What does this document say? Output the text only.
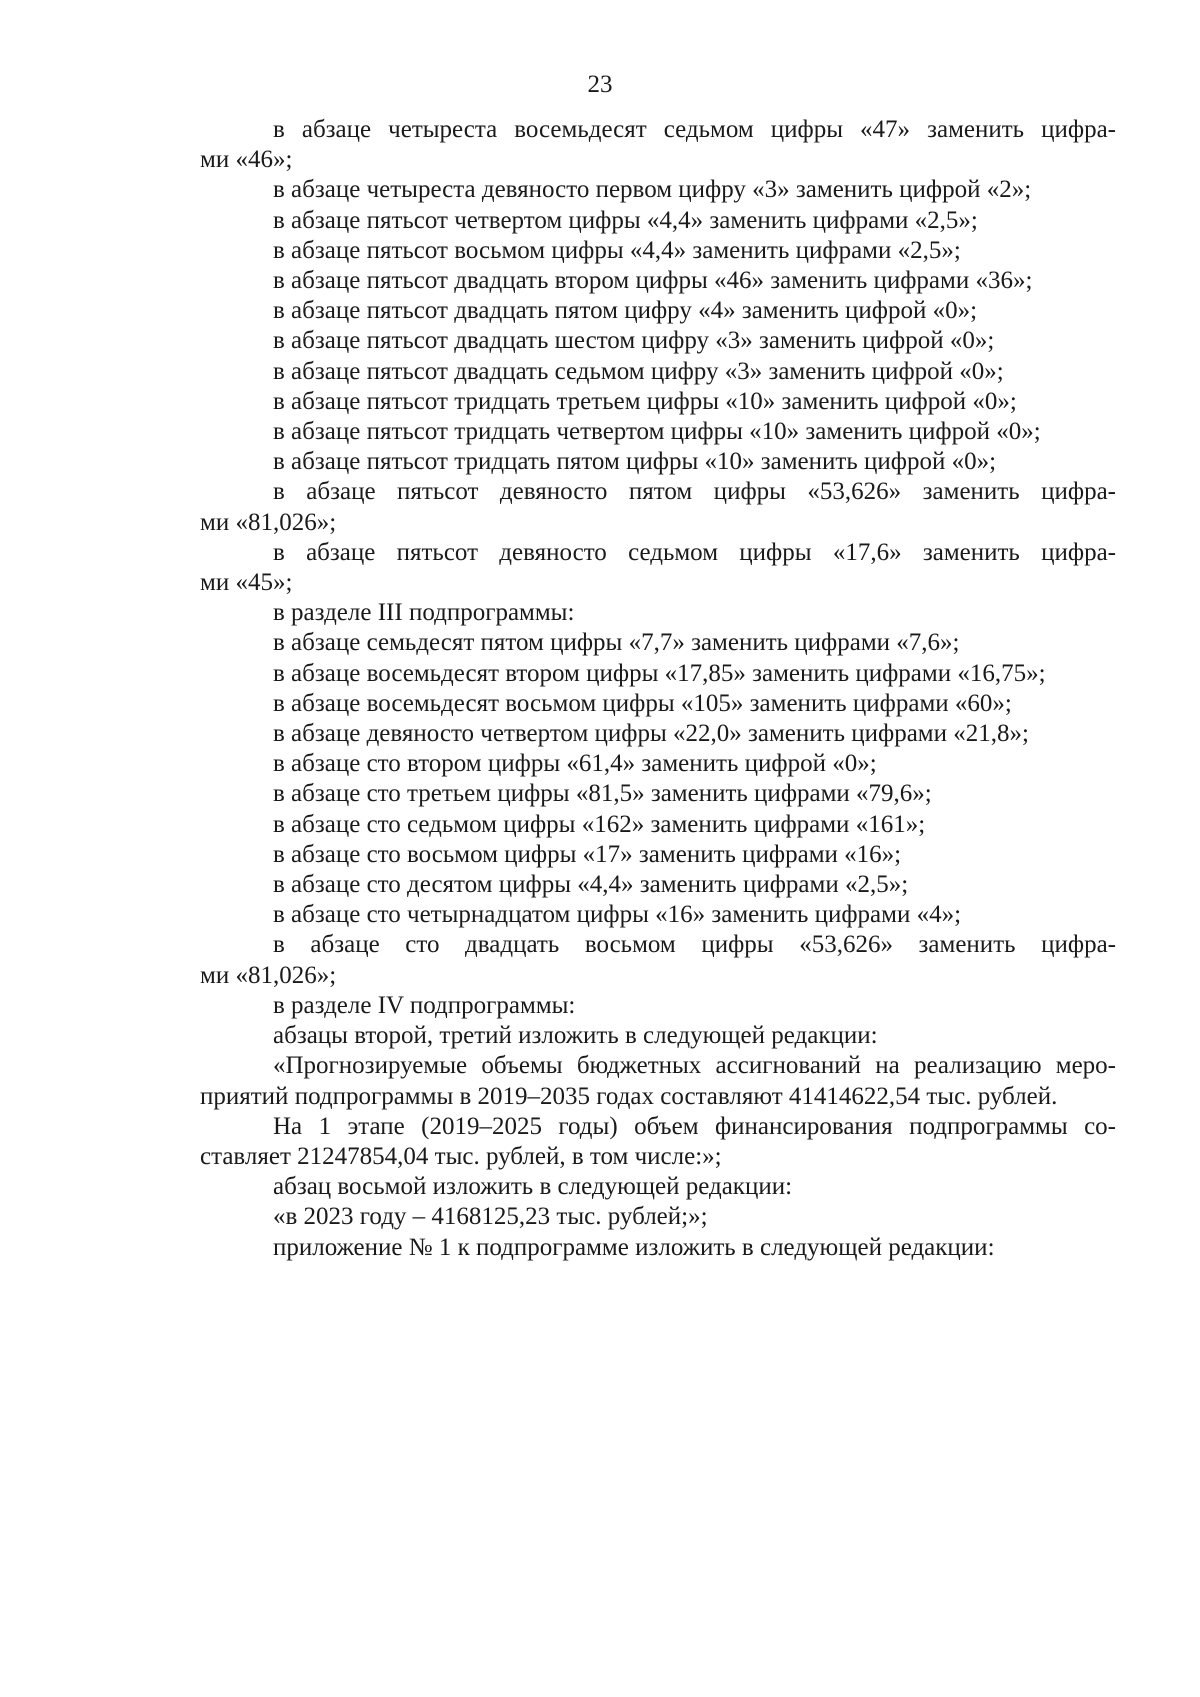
23

в абзаце четыреста восемьдесят седьмом цифры «47» заменить цифра-
ми «46»;

в абзаце четыреста девяносто первом цифру «3» заменить цифрой «2»;

в абзаце пятьсот четвертом цифры «4,4» заменить цифрами «2,5»;

в абзаце пятьсот восьмом цифры «4,4» заменить цифрами «2,5»;

в абзаце пятьсот двадцать втором цифры «46» заменить цифрами «36»;

в абзаце пятьсот двадцать пятом цифру «4» заменить цифрой «0»;

в абзаце пятьсот двадцать шестом цифру «3» заменить цифрой «0»;

в абзаце пятьсот двадцать седьмом цифру «3» заменить цифрой «0»;

в абзаце пятьсот тридцать третьем цифры «10» заменить цифрой «0»;

в абзаце пятьсот тридцать четвертом цифры «10» заменить цифрой «0»;

в абзаце пятьсот тридцать пятом цифры «10» заменить цифрой «0»;

в абзаце пятьсот девяносто пятом цифры «53,626» заменить цифра-
ми «81,026»;

в абзаце пятьсот девяносто седьмом цифры «17,6» заменить цифра-
ми «45»;

в разделе III подпрограммы:

в абзаце семьдесят пятом цифры «7,7» заменить цифрами «7,6»;

в абзаце восемьдесят втором цифры «17,85» заменить цифрами «16,75»;

в абзаце восемьдесят восьмом цифры «105» заменить цифрами «60»;

в абзаце девяносто четвертом цифры «22,0» заменить цифрами «21,8»;

в абзаце сто втором цифры «61,4» заменить цифрой «0»;

в абзаце сто третьем цифры «81,5» заменить цифрами «79,6»;

в абзаце сто седьмом цифры «162» заменить цифрами «161»;

в абзаце сто восьмом цифры «17» заменить цифрами «16»;

в абзаце сто десятом цифры «4,4» заменить цифрами «2,5»;

в абзаце сто четырнадцатом цифры «16» заменить цифрами «4»;

в абзаце сто двадцать восьмом цифры «53,626» заменить цифра-
ми «81,026»;

в разделе IV подпрограммы:

абзацы второй, третий изложить в следующей редакции:

«Прогнозируемые объемы бюджетных ассигнований на реализацию меро-
приятий подпрограммы в 2019–2035 годах составляют 41414622,54 тыс. рублей.

На 1 этапе (2019–2025 годы) объем финансирования подпрограммы со-
ставляет 21247854,04 тыс. рублей, в том числе:»;

абзац восьмой изложить в следующей редакции:

«в 2023 году – 4168125,23 тыс. рублей;»;

приложение № 1 к подпрограмме изложить в следующей редакции:
